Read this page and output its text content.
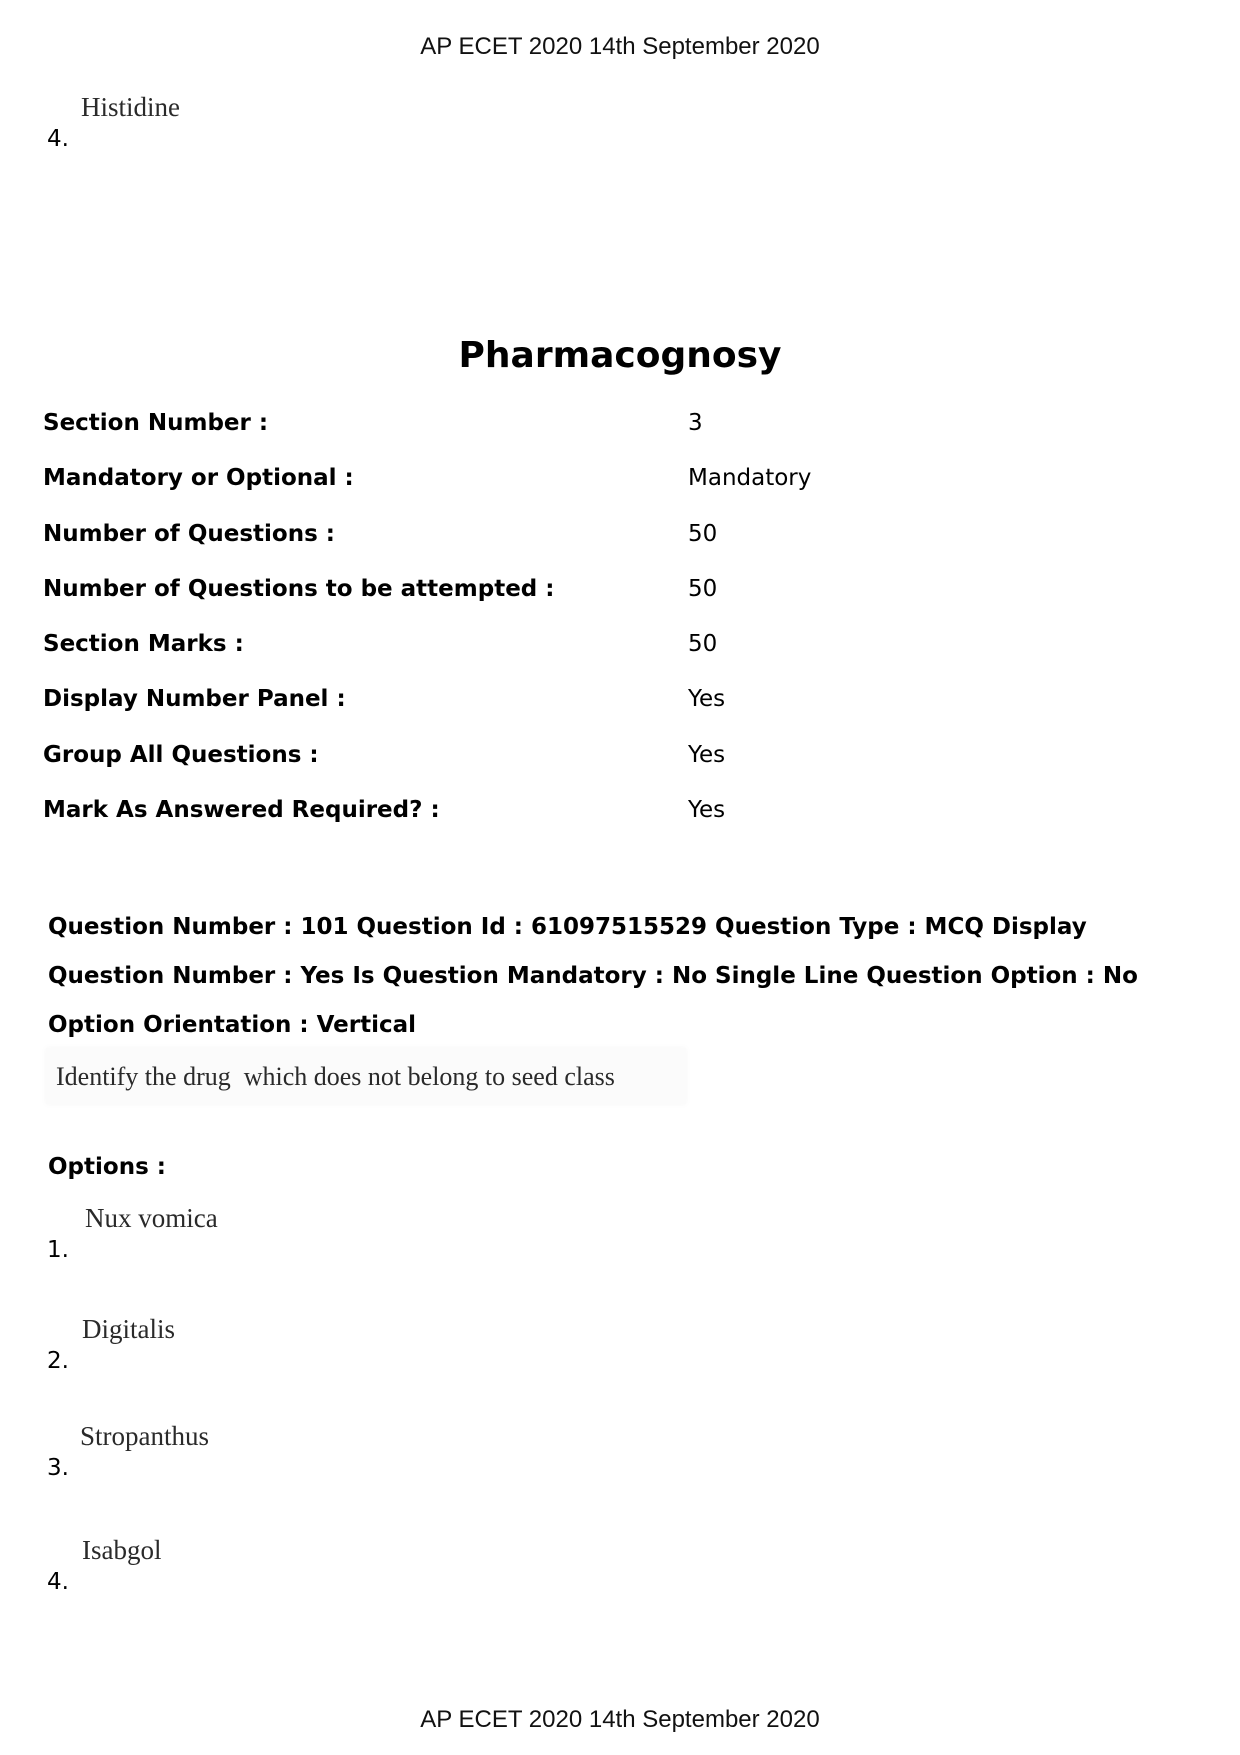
AP ECET 2020 14th September 2020
4.
Histidine
Pharmacognosy
Section Number :	3
Mandatory or Optional :	Mandatory
Number of Questions :	50
Number of Questions to be attempted :	50
Section Marks :	50
Display Number Panel :	Yes
Group All Questions :	Yes
Mark As Answered Required? :	Yes
Question Number : 101 Question Id : 61097515529 Question Type : MCQ Display Question Number : Yes Is Question Mandatory : No Single Line Question Option : No Option Orientation : Vertical
Identify the drug  which does not belong to seed class
Options :
1.
Nux vomica
2.
Digitalis
3.
Stropanthus
4.
Isabgol
AP ECET 2020 14th September 2020
